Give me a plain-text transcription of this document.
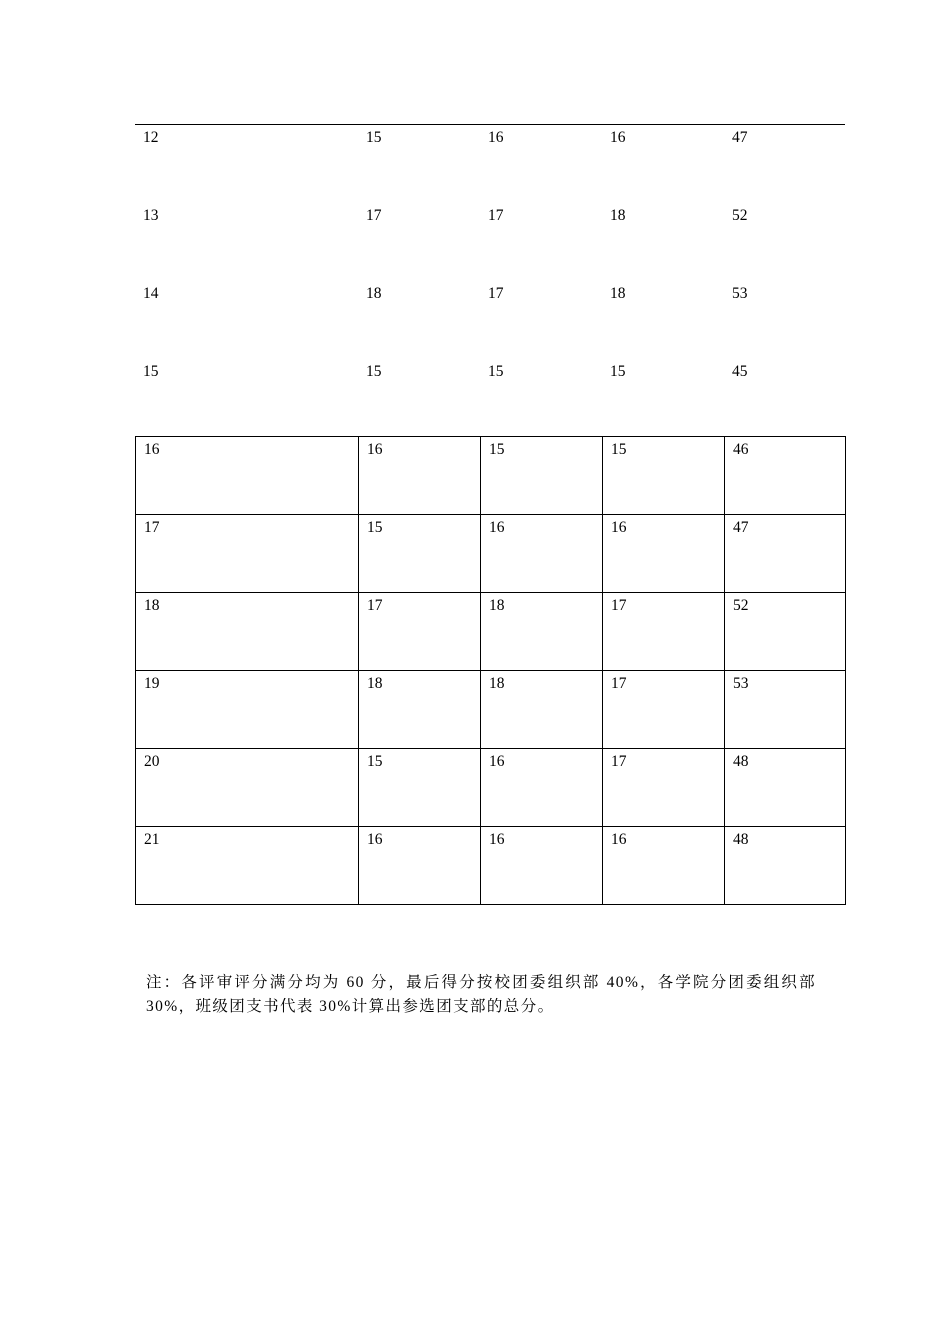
12	15	16	16	47
13	17	17	18	52
14	18	17	18	53
15	15	15	15	45
16	16	15	15	46
17	15	16	16	47
18	17	18	17	52
19	18	18	17	53
20	15	16	17	48
21	16	16	16	48

注：各评审评分满分均为 60 分，最后得分按校团委组织部 40%，各学院分团委组织部 30%，班级团支书代表 30%计算出参选团支部的总分。
